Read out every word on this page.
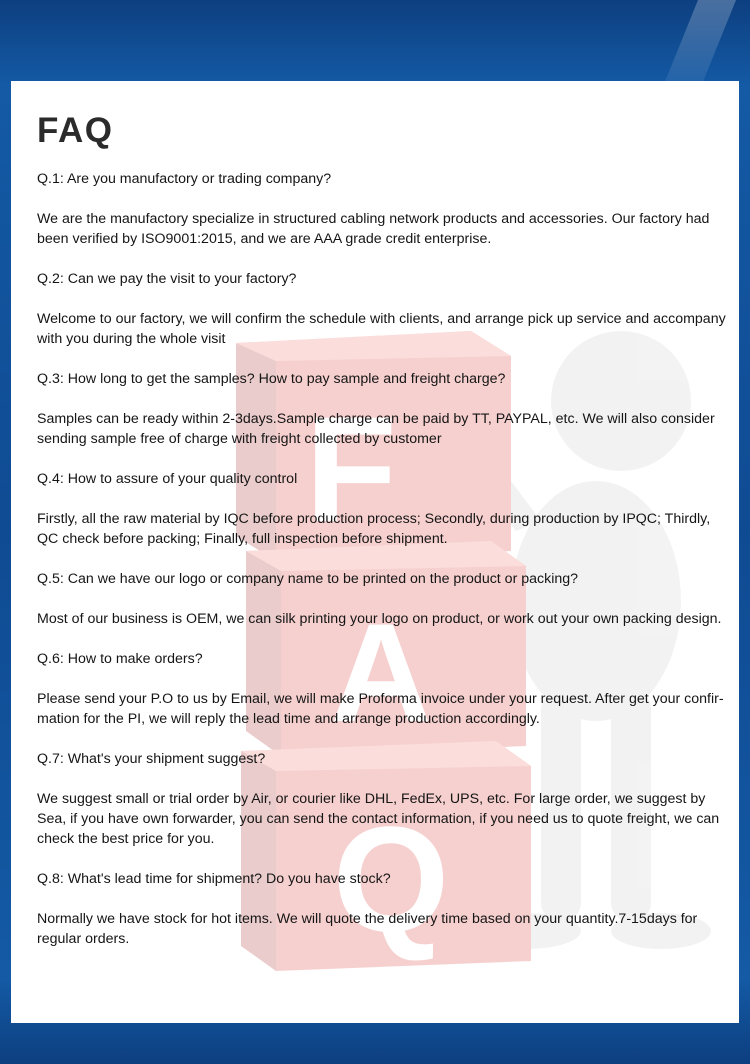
F
A
Q
FAQ

Q.1: Are you manufactory or trading company?

We are the manufactory specialize in structured cabling network products and accessories. Our factory had been verified by ISO9001:2015, and we are AAA grade credit enterprise.

Q.2: Can we pay the visit to your factory?

Welcome to our factory, we will confirm the schedule with clients, and arrange pick up service and accompany with you during the whole visit

Q.3: How long to get the samples? How to pay sample and freight charge?

Samples can be ready within 2-3days.Sample charge can be paid by TT, PAYPAL, etc. We will also consider sending sample free of charge with freight collected by customer

Q.4: How to assure of your quality control

Firstly, all the raw material by IQC before production process; Secondly, during production by IPQC; Thirdly, QC check before packing; Finally, full inspection before shipment.

Q.5: Can we have our logo or company name to be printed on the product or packing?

Most of our business is OEM, we can silk printing your logo on product, or work out your own packing design.

Q.6: How to make orders?

Please send your P.O to us by Email, we will make Proforma invoice under your request. After get your confir-mation for the PI, we will reply the lead time and arrange production accordingly.

Q.7: What's your shipment suggest?

We suggest small or trial order by Air, or courier like DHL, FedEx, UPS, etc. For large order, we suggest by Sea, if you have own forwarder, you can send the contact information, if you need us to quote freight, we can check the best price for you.

Q.8: What's lead time for shipment? Do you have stock?

Normally we have stock for hot items. We will quote the delivery time based on your quantity.7-15days for regular orders.
